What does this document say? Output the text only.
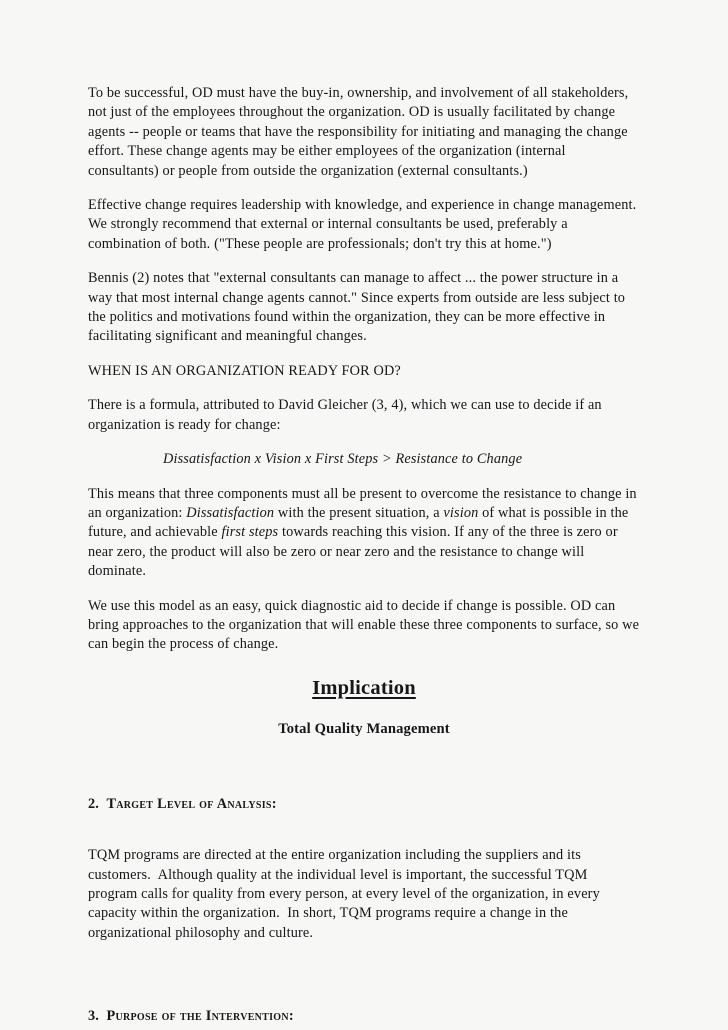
To be successful, OD must have the buy-in, ownership, and involvement of all stakeholders, not just of the employees throughout the organization. OD is usually facilitated by change agents -- people or teams that have the responsibility for initiating and managing the change effort. These change agents may be either employees of the organization (internal consultants) or people from outside the organization (external consultants.)

Effective change requires leadership with knowledge, and experience in change management. We strongly recommend that external or internal consultants be used, preferably a combination of both. ("These people are professionals; don't try this at home.")

Bennis (2) notes that "external consultants can manage to affect ... the power structure in a way that most internal change agents cannot." Since experts from outside are less subject to the politics and motivations found within the organization, they can be more effective in facilitating significant and meaningful changes.

WHEN IS AN ORGANIZATION READY FOR OD?

There is a formula, attributed to David Gleicher (3, 4), which we can use to decide if an organization is ready for change:

Dissatisfaction x Vision x First Steps > Resistance to Change

This means that three components must all be present to overcome the resistance to change in an organization: Dissatisfaction with the present situation, a vision of what is possible in the future, and achievable first steps towards reaching this vision. If any of the three is zero or near zero, the product will also be zero or near zero and the resistance to change will dominate.

We use this model as an easy, quick diagnostic aid to decide if change is possible. OD can bring approaches to the organization that will enable these three components to surface, so we can begin the process of change.

Implication
Total Quality Management

2. Target Level of Analysis:

TQM programs are directed at the entire organization including the suppliers and its customers.  Although quality at the individual level is important, the successful TQM program calls for quality from every person, at every level of the organization, in every capacity within the organization.  In short, TQM programs require a change in the organizational philosophy and culture.

3. Purpose of the Intervention:
